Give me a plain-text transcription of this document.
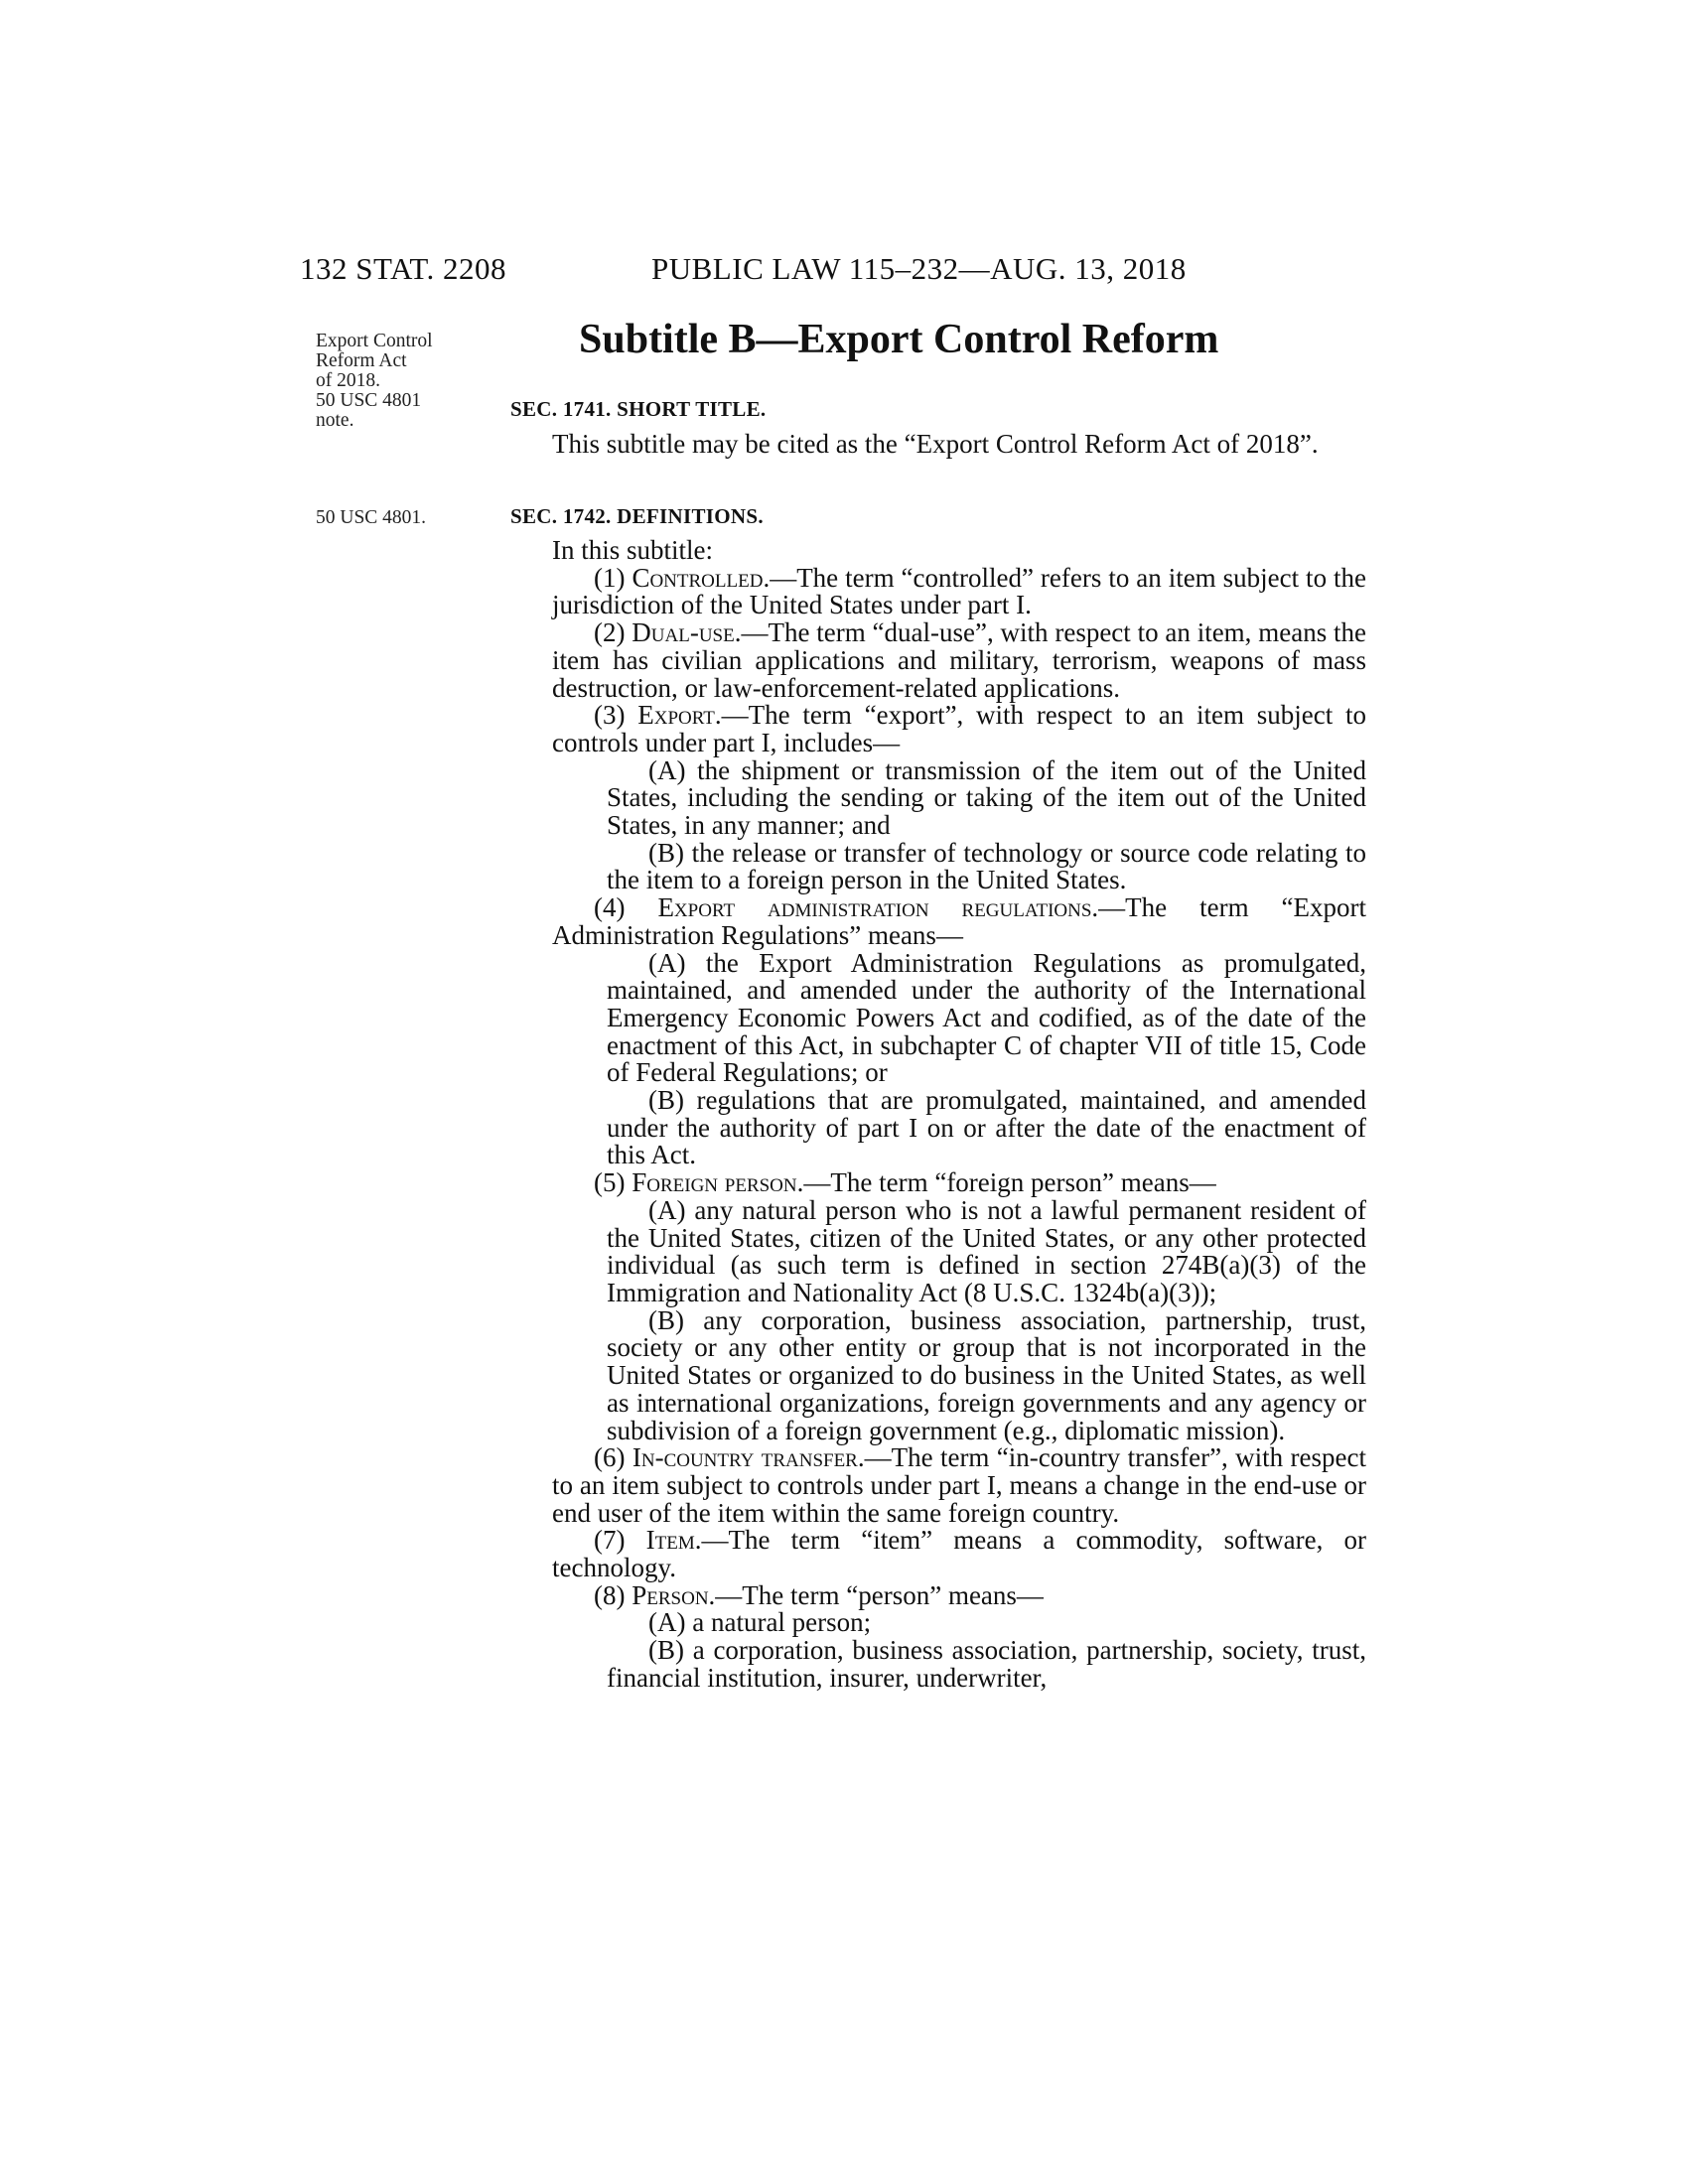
132 STAT. 2208	PUBLIC LAW 115–232—AUG. 13, 2018
Export Control
Reform Act
of 2018.
50 USC 4801
note.
50 USC 4801.
Subtitle B—Export Control Reform
SEC. 1741. SHORT TITLE.

This subtitle may be cited as the “Export Control Reform Act of 2018”.

SEC. 1742. DEFINITIONS.

In this subtitle:

(1) Controlled.—The term “controlled” refers to an item subject to the jurisdiction of the United States under part I.

(2) Dual-use.—The term “dual-use”, with respect to an item, means the item has civilian applications and military, terrorism, weapons of mass destruction, or law-enforcement-related applications.

(3) Export.—The term “export”, with respect to an item subject to controls under part I, includes—

(A) the shipment or transmission of the item out of the United States, including the sending or taking of the item out of the United States, in any manner; and

(B) the release or transfer of technology or source code relating to the item to a foreign person in the United States.

(4) Export administration regulations.—The term “Export Administration Regulations” means—

(A) the Export Administration Regulations as promulgated, maintained, and amended under the authority of the International Emergency Economic Powers Act and codified, as of the date of the enactment of this Act, in subchapter C of chapter VII of title 15, Code of Federal Regulations; or

(B) regulations that are promulgated, maintained, and amended under the authority of part I on or after the date of the enactment of this Act.

(5) Foreign person.—The term “foreign person” means—

(A) any natural person who is not a lawful permanent resident of the United States, citizen of the United States, or any other protected individual (as such term is defined in section 274B(a)(3) of the Immigration and Nationality Act (8 U.S.C. 1324b(a)(3));

(B) any corporation, business association, partnership, trust, society or any other entity or group that is not incorporated in the United States or organized to do business in the United States, as well as international organizations, foreign governments and any agency or subdivision of a foreign government (e.g., diplomatic mission).

(6) In-country transfer.—The term “in-country transfer”, with respect to an item subject to controls under part I, means a change in the end-use or end user of the item within the same foreign country.

(7) Item.—The term “item” means a commodity, software, or technology.

(8) Person.—The term “person” means—

(A) a natural person;

(B) a corporation, business association, partnership, society, trust, financial institution, insurer, underwriter,
